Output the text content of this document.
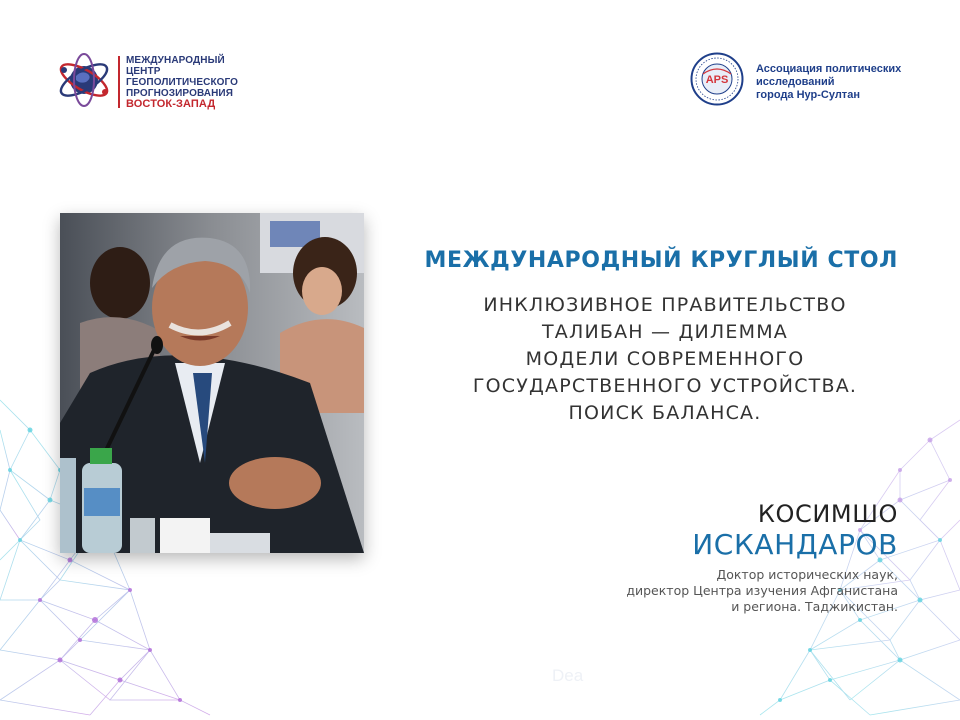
МЕЖДУНАРОДНЫЙ
ЦЕНТР
ГЕОПОЛИТИЧЕСКОГО
ПРОГНОЗИРОВАНИЯ
ВОСТОК-ЗАПАД
APS
Ассоциация политических
исследований
города Нур-Султан
МЕЖДУНАРОДНЫЙ КРУГЛЫЙ СТОЛ
ИНКЛЮЗИВНОЕ ПРАВИТЕЛЬСТВО
ТАЛИБАН — ДИЛЕММА
МОДЕЛИ СОВРЕМЕННОГО
ГОСУДАРСТВЕННОГО УСТРОЙСТВА.
ПОИСК БАЛАНСА.
КОСИМШО
ИСКАНДАРОВ
Доктор исторических наук,
директор Центра изучения Афганистана
и региона. Таджикистан.
Dea
